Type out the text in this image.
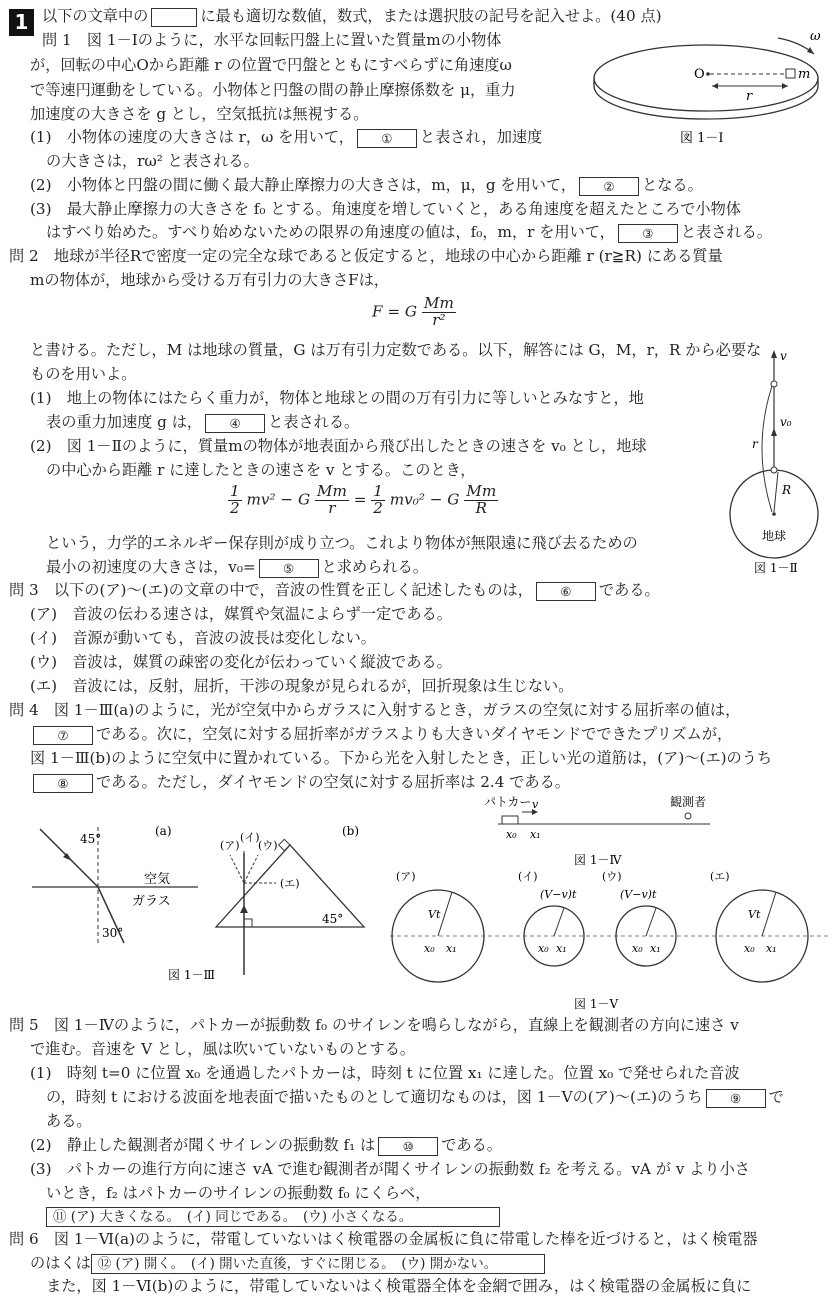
1 以下の文章中の	に最も適切な数値，数式，または選択肢の記号を記入せよ。(40 点)
問 1　 図 1－Ⅰのように，水平な回転円盤上に置いた質量mの小物体
が，回転の中心Oから距離 r の位置で円盤とともにすべらずに角速度ω
で等速円運動をしている。小物体と円盤の間の静止摩擦係数を μ，重力
加速度の大きさを g とし，空気抵抗は無視する。
(1)　小物体の速度の大きさは r，ω を用いて， ① と表され，加速度
の大きさは，rω² と表される。
(2)　小物体と円盤の間に働く最大静止摩擦力の大きさは，m，μ，g を用いて， ② となる。
(3)　最大静止摩擦力の大きさを f₀ とする。角速度を増していくと，ある角速度を超えたところで小物体
はすべり始めた。すべり始めないための限界の角速度の値は，f₀，m，r を用いて， ③ と表される。
O	m
r
ω
図 1－Ⅰ
問 2　 地球が半径Rで密度一定の完全な球であると仮定すると，地球の中心から距離 r (r≧R) にある質量
mの物体が，地球から受ける万有引力の大きさFは，
F = G $\frac{Mm}{\text{r²}}$
と書ける。ただし，M は地球の質量，G は万有引力定数である。以下，解答には G，M，r，R から必要な
ものを用いよ。
(1)　地上の物体にはたらく重力が，物体と地球との間の万有引力に等しいとみなすと，地
表の重力加速度 g は， ④ と表される。
(2)　図 1－Ⅱのように，質量mの物体が地表面から飛び出したときの速さを v₀ とし，地球
の中心から距離 r に達したときの速さを v とする。このとき，
$\frac{1}{2} mv^2 - G \frac{Mm}{r} = \frac{1}{2} mv_0^2 - G \frac{Mm}{R}$
という，力学的エネルギー保存則が成り立つ。これより物体が無限遠に飛び去るための
最小の初速度の大きさは，v₀= ⑤ と求められる。
v
v₀
r
R
地球
図 1－Ⅱ
問 3　 以下の(ア)〜(エ)の文章の中で，音波の性質を正しく記述したものは， ⑥ である。
(ア)　音波の伝わる速さは，媒質や気温によらず一定である。
(イ)　音源が動いても，音波の波長は変化しない。
(ウ)　音波は，媒質の疎密の変化が伝わっていく縦波である。
(エ)　音波には，反射，屈折，干渉の現象が見られるが，回折現象は生じない。
問 4　 図 1－Ⅲ(a)のように，光が空気中からガラスに入射するとき，ガラスの空気に対する屈折率の値は，
⑦ である。次に，空気に対する屈折率がガラスよりも大きいダイヤモンドでできたプリズムが，
図 1－Ⅲ(b)のように空気中に置かれている。下から光を入射したとき，正しい光の道筋は，(ア)〜(エ)のうち
⑧ である。ただし，ダイヤモンドの空気に対する屈折率は 2.4 である。
(a)
45°
30°
空気
ガラス
(b)
(ア)
(イ)
(ウ)
(エ)
45°
図 1－Ⅲ
パトカー	観測者
v
x₀ x₁
図 1－Ⅳ
(ア)	(イ)	(ウ)	(エ)
Vt
(V−v)t	(V−v)t
Vt
x₀ x₁	x₀ x₁	x₀ x₁	x₀ x₁
図 1－Ⅴ
問 5　 図 1－Ⅳのように，パトカーが振動数 f₀ のサイレンを鳴らしながら，直線上を観測者の方向に速さ v
で進む。音速を V とし，風は吹いていないものとする。
(1)　時刻 t=0 に位置 x₀ を通過したパトカーは，時刻 t に位置 x₁ に達した。位置 x₀ で発せられた音波
の，時刻 t における波面を地表面で描いたものとして適切なものは，図 1－Ⅴの(ア)〜(エ)のうち ⑨ で
ある。
(2)　静止した観測者が聞くサイレンの振動数 f₁ は ⑩ である。
(3)　パトカーの進行方向に速さ vA で進む観測者が聞くサイレンの振動数 f₂ を考える。vA が v より小さ
いとき，f₂ はパトカーのサイレンの振動数 f₀ にくらべ，
⑪ (ア) 大きくなる。　(イ) 同じである。　(ウ) 小さくなる。
問 6　 図 1－Ⅵ(a)のように，帯電していないはく検電器の金属板に負に帯電した棒を近づけると，はく検電器
のはくは ⑫ (ア) 開く。　(イ) 開いた直後，すぐに閉じる。　(ウ) 開かない。
また，図 1－Ⅵ(b)のように，帯電していないはく検電器全体を金網で囲み，はく検電器の金属板に負に
